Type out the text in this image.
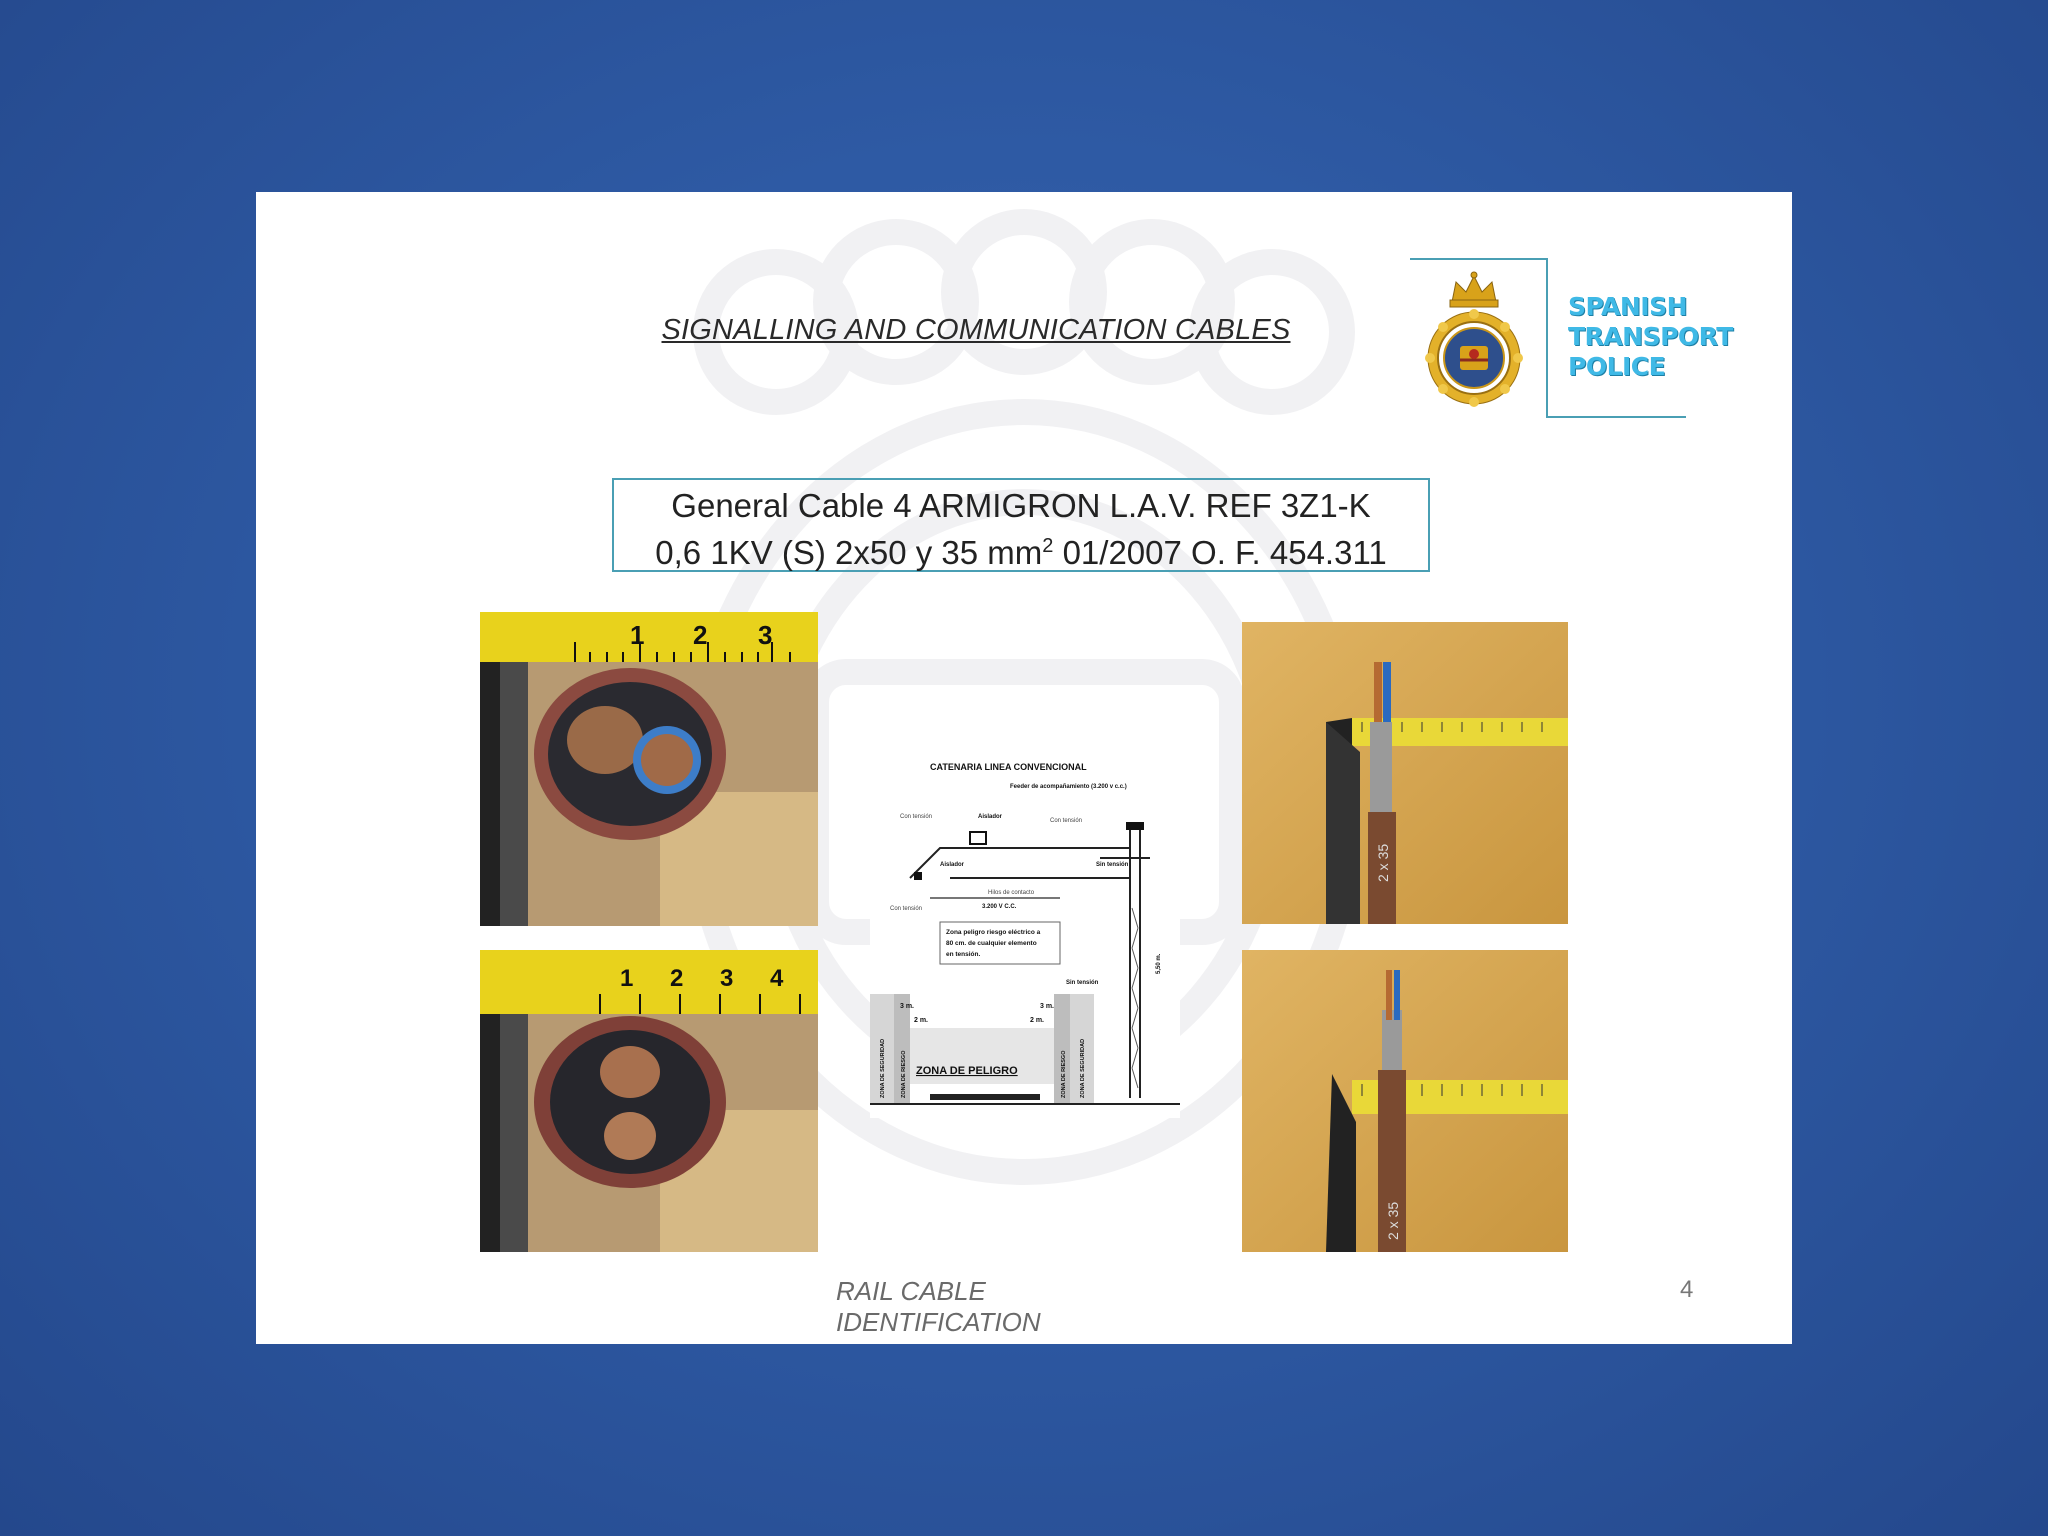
SIGNALLING AND COMMUNICATION CABLES
SPANISH
TRANSPORT
POLICE
General Cable 4 ARMIGRON L.A.V. REF 3Z1-K
0,6 1KV (S) 2x50 y 35 $mm^2$ 01/2007 O. F. 454.311
1 2 3
1 2 3 4
CATENARIA LINEA CONVENCIONAL
Feeder de acompañamiento (3.200 v c.c.)
Con tensión	Aislador
Con tensión
Sin tensión
Aislador
Hilos de contacto
Con tensión	3.200 V C.C.
Zona peligro riesgo eléctrico a
80 cm. de cualquier elemento
en tensión.
Sin tensión
5,50 m.
3 m.
2 m.
3 m.
2 m.
ZONA DE PELIGRO
ZONA DE SEGURIDAD	ZONA DE RIESGO	ZONA DE RIESGO ZONA DE SEGURIDAD
2 x 35
2 x 35
RAIL CABLE IDENTIFICATION
4
